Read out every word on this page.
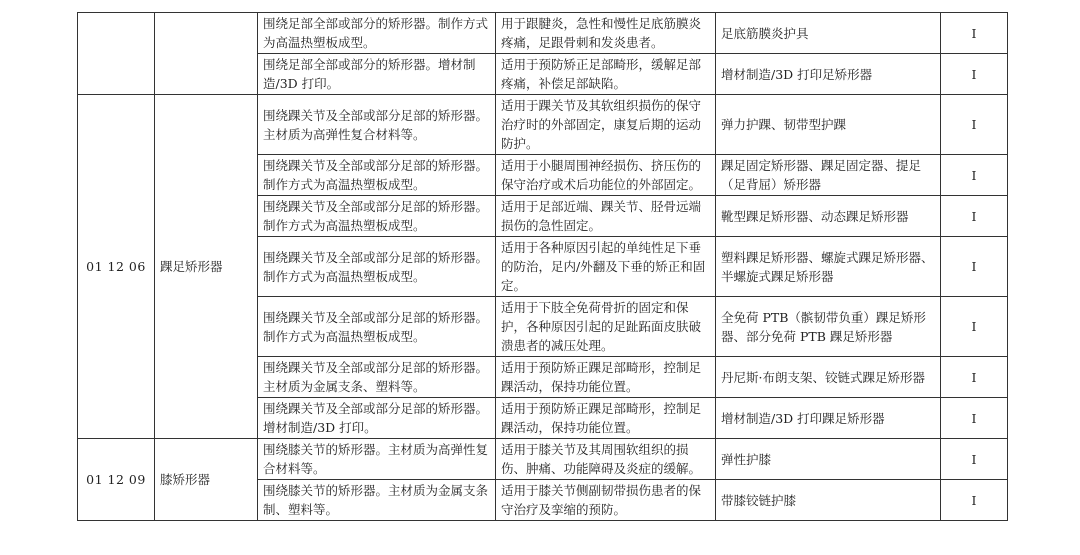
		围绕足部全部或部分的矫形器。制作方式为高温热塑板成型。	用于跟腱炎，急性和慢性足底筋膜炎疼痛，足跟骨刺和发炎患者。	足底筋膜炎护具	Ⅰ
		围绕足部全部或部分的矫形器。增材制造/3D 打印。	适用于预防矫正足部畸形，缓解足部疼痛，补偿足部缺陷。	增材制造/3D 打印足矫形器	Ⅰ
01 12 06	踝足矫形器	围绕踝关节及全部或部分足部的矫形器。主材质为高弹性复合材料等。	适用于踝关节及其软组织损伤的保守治疗时的外部固定，康复后期的运动防护。	弹力护踝、韧带型护踝	Ⅰ
		围绕踝关节及全部或部分足部的矫形器。制作方式为高温热塑板成型。	适用于小腿周围神经损伤、挤压伤的保守治疗或术后功能位的外部固定。	踝足固定矫形器、踝足固定器、提足（足背屈）矫形器	Ⅰ
		围绕踝关节及全部或部分足部的矫形器。制作方式为高温热塑板成型。	适用于足部近端、踝关节、胫骨远端损伤的急性固定。	靴型踝足矫形器、动态踝足矫形器	Ⅰ
		围绕踝关节及全部或部分足部的矫形器。制作方式为高温热塑板成型。	适用于各种原因引起的单纯性足下垂的防治，足内/外翻及下垂的矫正和固定。	塑料踝足矫形器、螺旋式踝足矫形器、半螺旋式踝足矫形器	Ⅰ
		围绕踝关节及全部或部分足部的矫形器。制作方式为高温热塑板成型。	适用于下肢全免荷骨折的固定和保护，各种原因引起的足趾跖面皮肤破溃患者的减压处理。	全免荷 PTB（髌韧带负重）踝足矫形器、部分免荷 PTB 踝足矫形器	Ⅰ
		围绕踝关节及全部或部分足部的矫形器。主材质为金属支条、塑料等。	适用于预防矫正踝足部畸形，控制足踝活动，保持功能位置。	丹尼斯·布朗支架、铰链式踝足矫形器	Ⅰ
		围绕踝关节及全部或部分足部的矫形器。增材制造/3D 打印。	适用于预防矫正踝足部畸形，控制足踝活动，保持功能位置。	增材制造/3D 打印踝足矫形器	Ⅰ
01 12 09	膝矫形器	围绕膝关节的矫形器。主材质为高弹性复合材料等。	适用于膝关节及其周围软组织的损伤、肿痛、功能障碍及炎症的缓解。	弹性护膝	Ⅰ
		围绕膝关节的矫形器。主材质为金属支条制、塑料等。	适用于膝关节侧副韧带损伤患者的保守治疗及挛缩的预防。	带膝铰链护膝	Ⅰ
